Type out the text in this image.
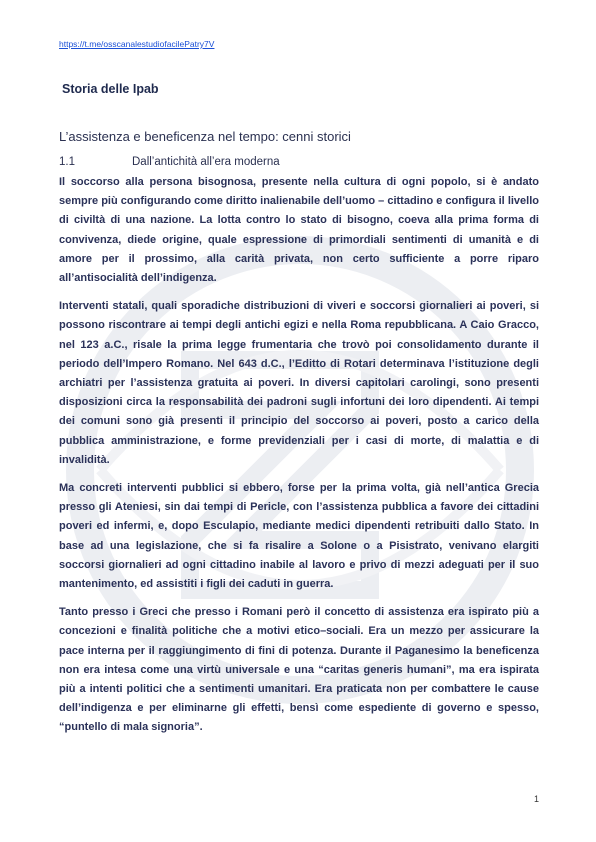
https://t.me/osscanalestudiofacilePatry7V
Storia delle Ipab
L’assistenza e beneficenza nel tempo: cenni storici
1.1	Dall’antichità all’era moderna

Il soccorso alla persona bisognosa, presente nella cultura di ogni popolo, si è andato sempre più configurando come diritto inalienabile dell’uomo – cittadino e configura il livello di civiltà di una nazione. La lotta contro lo stato di bisogno, coeva alla prima forma di convivenza, diede origine, quale espressione di primordiali sentimenti di umanità e di amore per il prossimo, alla carità privata, non certo sufficiente a porre riparo all’antisocialità dell’indigenza.

Interventi statali, quali sporadiche distribuzioni di viveri e soccorsi giornalieri ai poveri, si possono riscontrare ai tempi degli antichi egizi e nella Roma repubblicana. A Caio Gracco, nel 123 a.C., risale la prima legge frumentaria che trovò poi consolidamento durante il periodo dell’Impero Romano. Nel 643 d.C., l’Editto di Rotari determinava l’istituzione degli archiatri per l’assistenza gratuita ai poveri. In diversi capitolari carolingi, sono presenti disposizioni circa la responsabilità dei padroni sugli infortuni dei loro dipendenti. Ai tempi dei comuni sono già presenti il principio del soccorso ai poveri, posto a carico della pubblica amministrazione, e forme previdenziali per i casi di morte, di malattia e di invalidità.

Ma concreti interventi pubblici si ebbero, forse per la prima volta, già nell’antica Grecia presso gli Ateniesi, sin dai tempi di Pericle, con l’assistenza pubblica a favore dei cittadini poveri ed infermi, e, dopo Esculapio, mediante medici dipendenti retribuiti dallo Stato. In base ad una legislazione, che si fa risalire a Solone o a Pisistrato, venivano elargiti soccorsi giornalieri ad ogni cittadino inabile al lavoro e privo di mezzi adeguati per il suo mantenimento, ed assistiti i figli dei caduti in guerra.

Tanto presso i Greci che presso i Romani però il concetto di assistenza era ispirato più a concezioni e finalità politiche che a motivi etico–sociali. Era un mezzo per assicurare la pace interna per il raggiungimento di fini di potenza. Durante il Paganesimo la beneficenza non era intesa come una virtù universale e una “caritas generis humani”, ma era ispirata più a intenti politici che a sentimenti umanitari. Era praticata non per combattere le cause dell’indigenza e per eliminarne gli effetti, bensì come espediente di governo e spesso, “puntello di mala signoria”.

1
